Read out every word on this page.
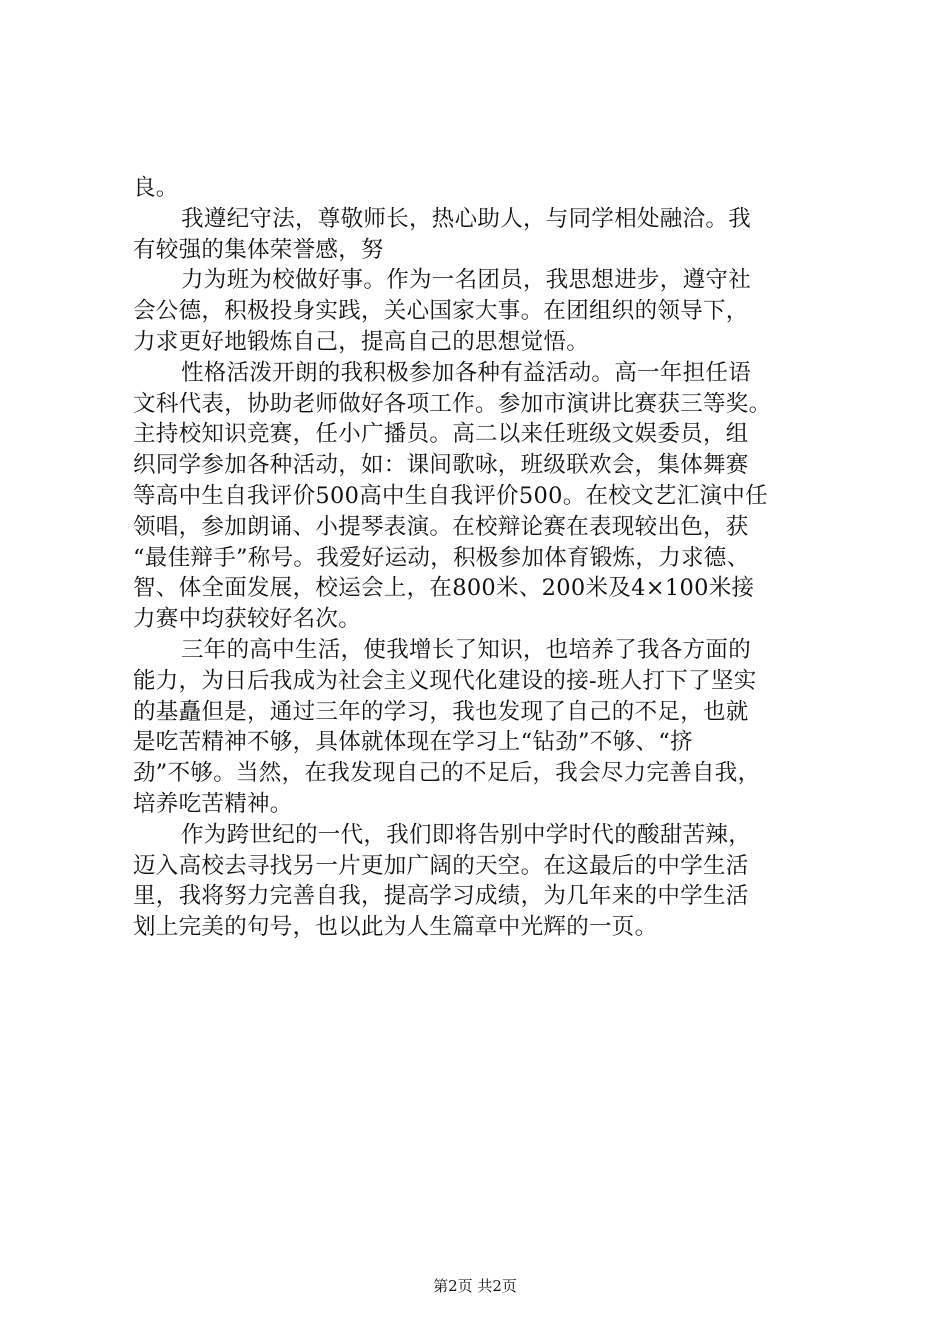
良。
我遵纪守法，尊敬师长，热心助人，与同学相处融洽。我
有较强的集体荣誉感，努
力为班为校做好事。作为一名团员，我思想进步，遵守社
会公德，积极投身实践，关心国家大事。在团组织的领导下，
力求更好地锻炼自己，提高自己的思想觉悟。
性格活泼开朗的我积极参加各种有益活动。高一年担任语
文科代表，协助老师做好各项工作。参加市演讲比赛获三等奖。
主持校知识竞赛，任小广播员。高二以来任班级文娱委员，组
织同学参加各种活动，如：课间歌咏，班级联欢会，集体舞赛
等高中生自我评价500高中生自我评价500。在校文艺汇演中任
领唱，参加朗诵、小提琴表演。在校辩论赛在表现较出色，获
“最佳辩手”称号。我爱好运动，积极参加体育锻炼，力求德、
智、体全面发展，校运会上，在800米、200米及4×100米接
力赛中均获较好名次。
三年的高中生活，使我增长了知识，也培养了我各方面的
能力，为日后我成为社会主义现代化建设的接-班人打下了坚实
的基矗但是，通过三年的学习，我也发现了自己的不足，也就
是吃苦精神不够，具体就体现在学习上“钻劲”不够、“挤
劲”不够。当然，在我发现自己的不足后，我会尽力完善自我，
培养吃苦精神。
作为跨世纪的一代，我们即将告别中学时代的酸甜苦辣，
迈入高校去寻找另一片更加广阔的天空。在这最后的中学生活
里，我将努力完善自我，提高学习成绩，为几年来的中学生活
划上完美的句号，也以此为人生篇章中光辉的一页。
第2页 共2页
